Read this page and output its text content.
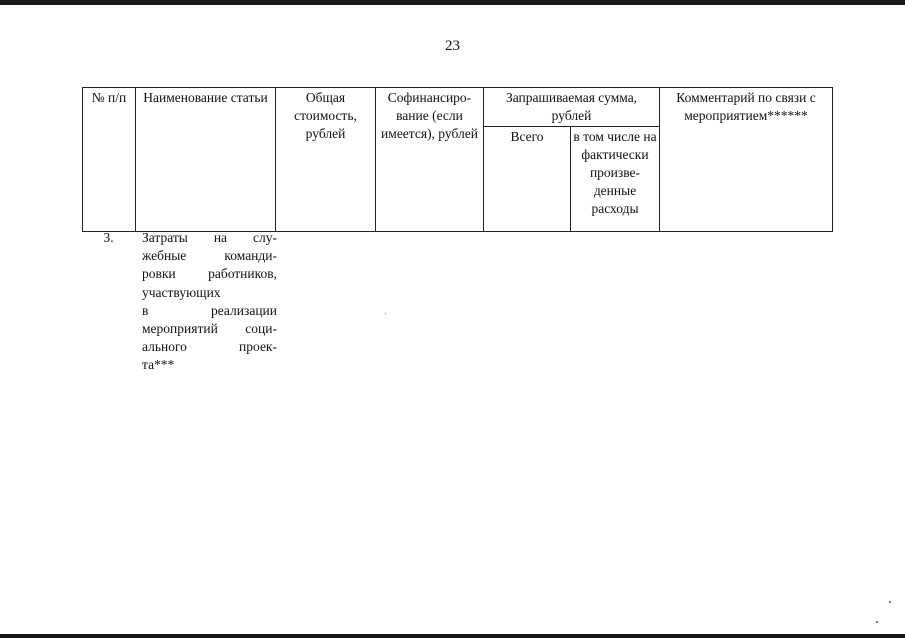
23
№ п/п	Наименование статьи	Общая стоимость, рублей	Софинансиро-вание (если имеется), рублей	Запрашиваемая сумма, рублей		Комментарий по связи с мероприятием******
				Всего	в том числе на фактически произве-денные расходы	
3.	Затраты на слу-
жебные команди-
ровки работников,
участвующих
в реализации
мероприятий соци-
ального проек-
та***
